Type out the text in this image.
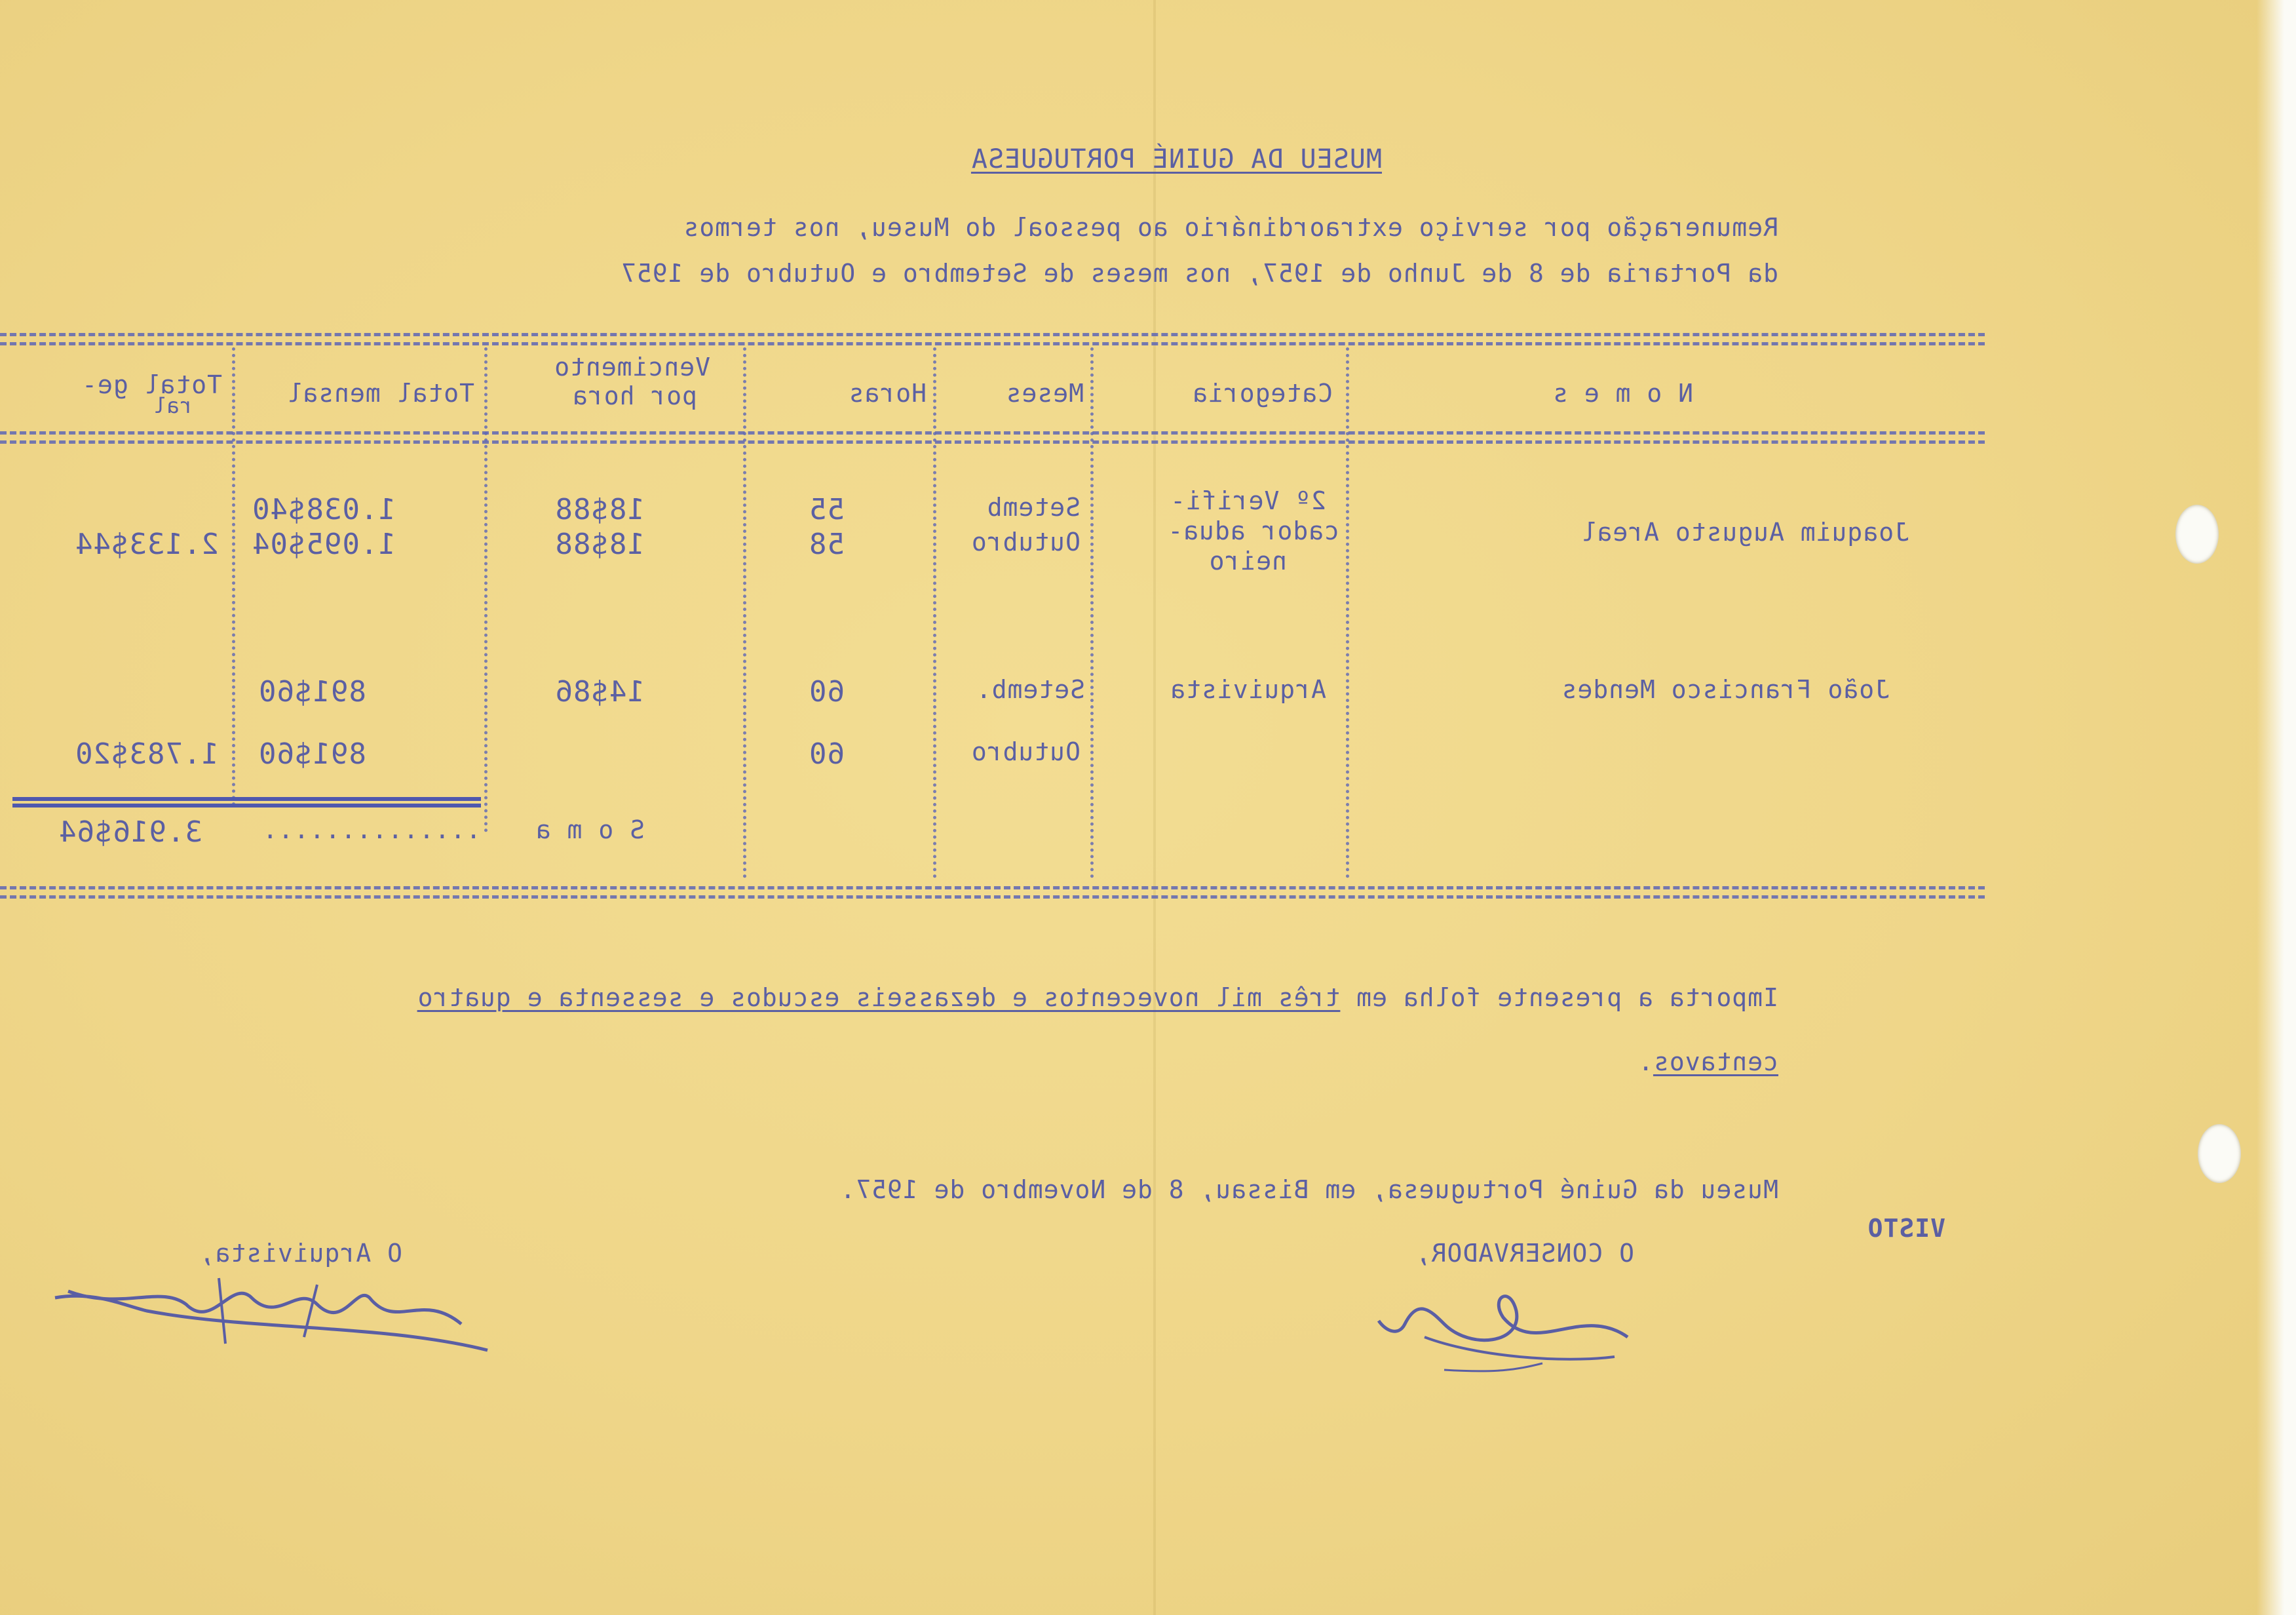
MUSEU DA GUINÉ PORTUGUESA
Remuneração por serviço extraordinário ao pessoal do Museu, nos termos
da Portaria de 8 de Junho de 1957, nos meses de Setembro e Outubro de 1957
N o m e s
Categoria
Meses
Horas
Vencimento
por hora
Total mensal
Total ge-
ral
Joaquim Augusto Areal
2º Verifi-
cador adua-
neiro
Setemb
55
18$88
1.038$40
Outubro
58
18$88
1.095$04
2.133$44
João Francisco Mendes
Arquivista
Setemb.
60
14$86
891$60
Outubro
60
891$60
1.783$20
S o m a
..............
3.916$64
Importa a presente folha em três mil novecentos e dezasseis escudos e sessenta e quatro
centavos.
Museu da Guiné Portuguesa, em Bissau, 8 de Novembro de 1957.
VISTO
O CONSERVADOR,
O Arquivista,
